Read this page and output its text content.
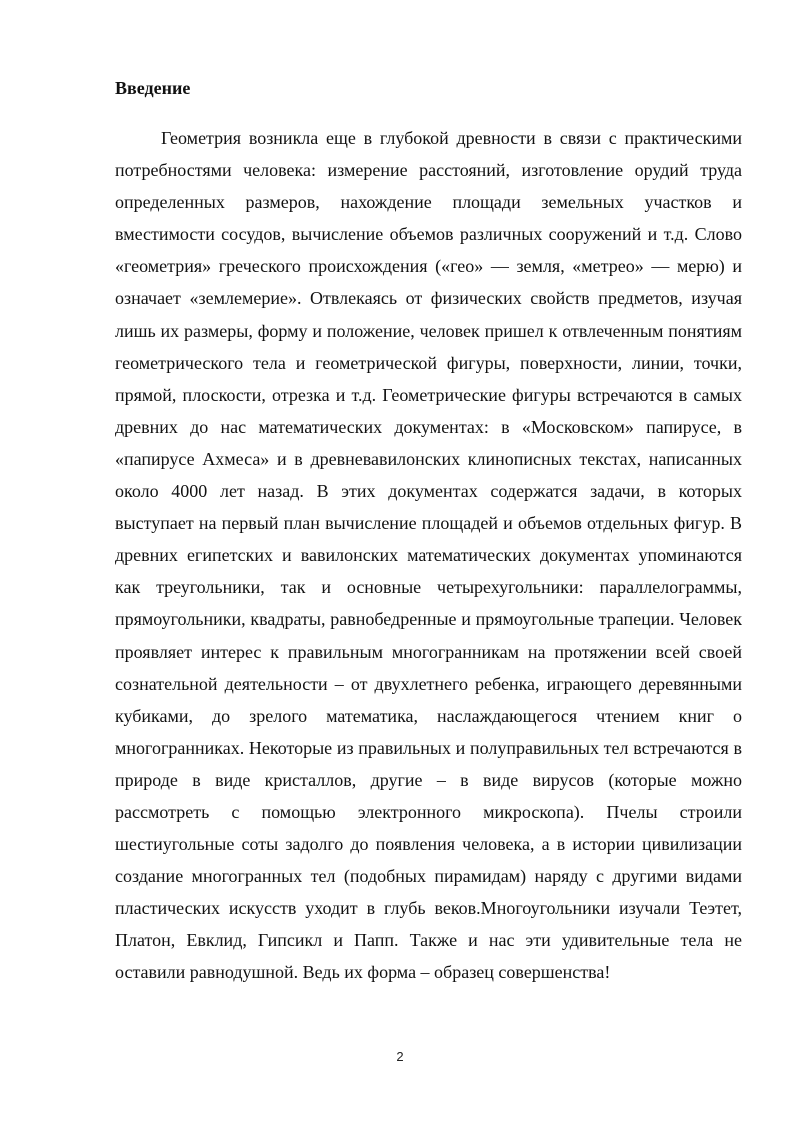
Введение

Геометрия возникла еще в глубокой древности в связи с практическими потребностями человека: измерение расстояний, изготовление орудий труда определенных размеров, нахождение площади земельных участков и вместимости сосудов, вычисление объемов различных сооружений и т.д. Слово «геометрия» греческого происхождения («гео» — земля, «метрео» — мерю) и означает «землемерие». Отвлекаясь от физических свойств предметов, изучая лишь их размеры, форму и положение, человек пришел к отвлеченным понятиям геометрического тела и геометрической фигуры, поверхности, линии, точки, прямой, плоскости, отрезка и т.д. Геометрические фигуры встречаются в самых древних до нас математических документах: в «Московском» папирусе, в «папирусе Ахмеса» и в древневавилонских клинописных текстах, написанных около 4000 лет назад. В этих документах содержатся задачи, в которых выступает на первый план вычисление площадей и объемов отдельных фигур. В древних египетских и вавилонских математических документах упоминаются как треугольники, так и основные четырехугольники: параллелограммы, прямоугольники, квадраты, равнобедренные и прямоугольные трапеции. Человек проявляет интерес к правильным многогранникам на протяжении всей своей сознательной деятельности – от двухлетнего ребенка, играющего деревянными кубиками, до зрелого математика, наслаждающегося чтением книг о многогранниках. Некоторые из правильных и полуправильных тел встречаются в природе в виде кристаллов, другие – в виде вирусов (которые можно рассмотреть с помощью электронного микроскопа). Пчелы строили шестиугольные соты задолго до появления человека, а в истории цивилизации создание многогранных тел (подобных пирамидам) наряду с другими видами пластических искусств уходит в глубь веков.Многоугольники изучали Теэтет, Платон, Евклид, Гипсикл и Папп. Также и нас эти удивительные тела не оставили равнодушной. Ведь их форма – образец совершенства!

2
